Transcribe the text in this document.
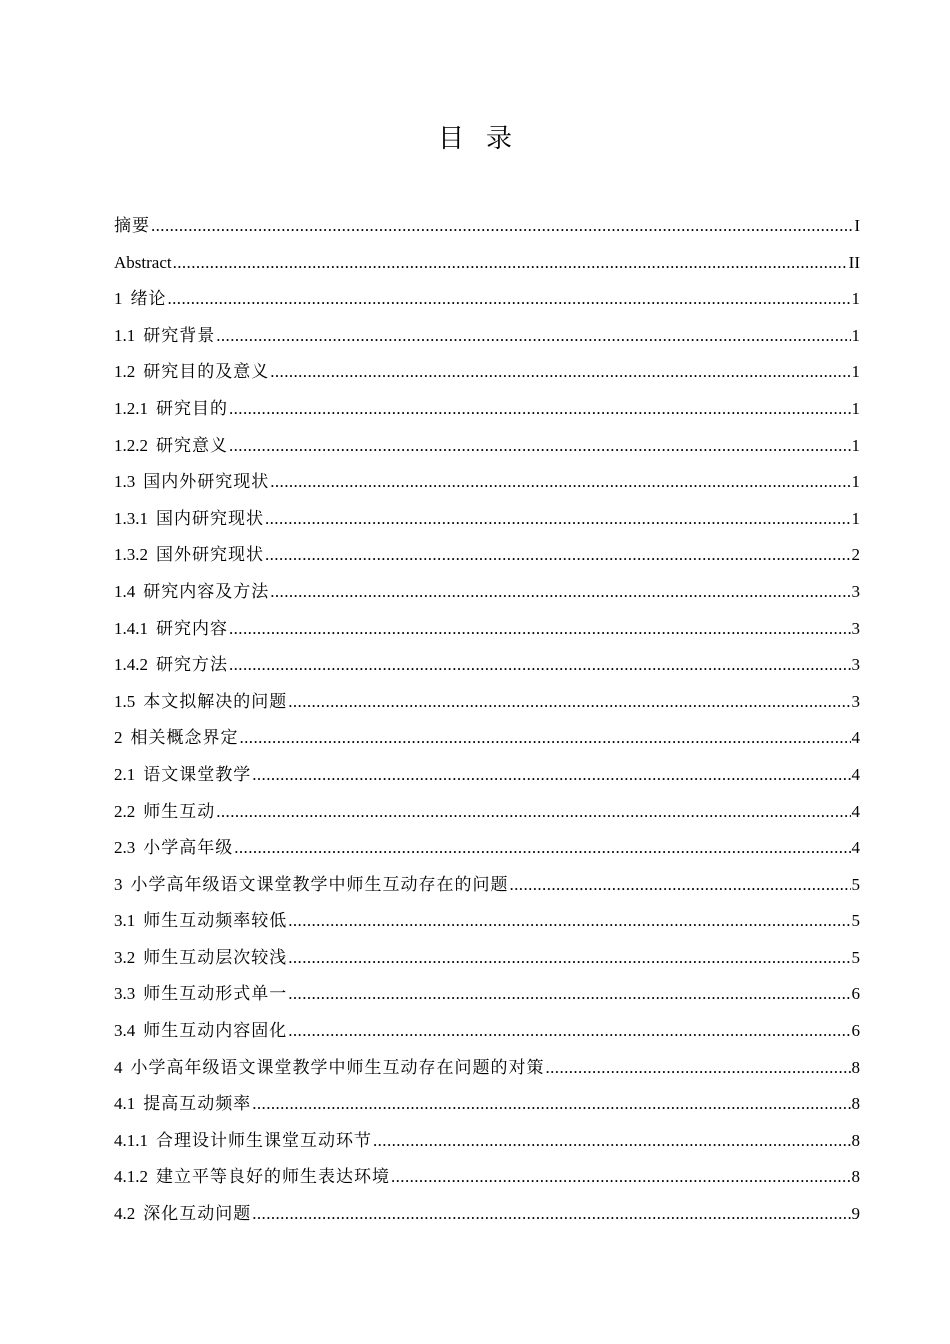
目录
摘要 .....	I
Abstract .....	II
1 绪论 .....	1
1.1 研究背景 .....	1
1.2 研究目的及意义 .....	1
1.2.1 研究目的 .....	1
1.2.2 研究意义 .....	1
1.3 国内外研究现状 .....	1
1.3.1 国内研究现状 .....	1
1.3.2 国外研究现状 .....	2
1.4 研究内容及方法 .....	3
1.4.1 研究内容 .....	3
1.4.2 研究方法 .....	3
1.5 本文拟解决的问题 .....	3
2 相关概念界定 .....	4
2.1 语文课堂教学 .....	4
2.2 师生互动 .....	4
2.3 小学高年级 .....	4
3 小学高年级语文课堂教学中师生互动存在的问题 .....	5
3.1 师生互动频率较低 .....	5
3.2 师生互动层次较浅 .....	5
3.3 师生互动形式单一 .....	6
3.4 师生互动内容固化 .....	6
4 小学高年级语文课堂教学中师生互动存在问题的对策 .....	8
4.1 提高互动频率 .....	8
4.1.1 合理设计师生课堂互动环节 .....	8
4.1.2 建立平等良好的师生表达环境 .....	8
4.2 深化互动问题 .....	9
